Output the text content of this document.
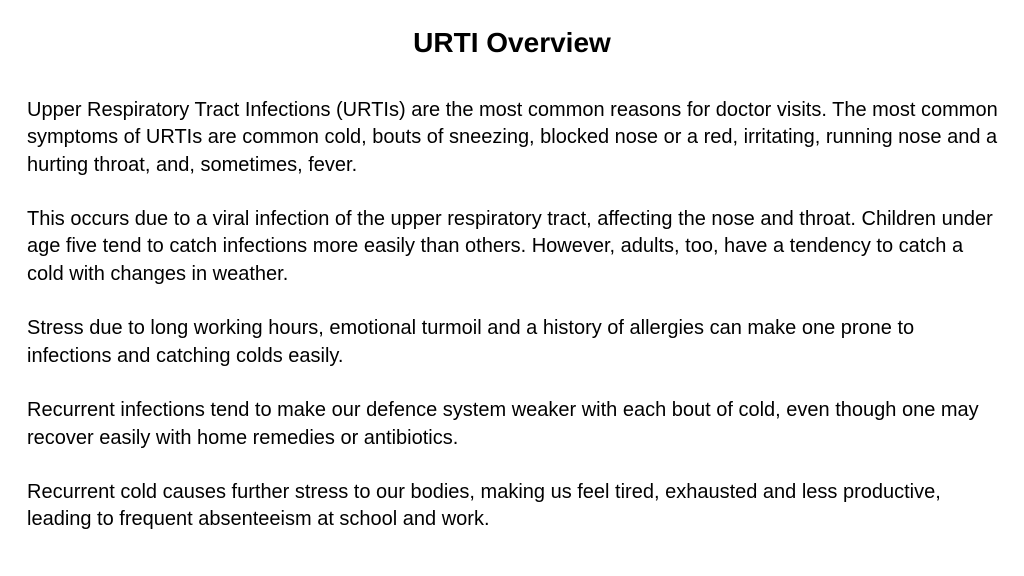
URTI Overview

Upper Respiratory Tract Infections (URTIs) are the most common reasons for doctor visits. The most common symptoms of URTIs are common cold, bouts of sneezing, blocked nose or a red, irritating, running nose and a hurting throat, and, sometimes, fever.

This occurs due to a viral infection of the upper respiratory tract, affecting the nose and throat. Children under age five tend to catch infections more easily than others. However, adults, too, have a tendency to catch a cold with changes in weather.

Stress due to long working hours, emotional turmoil and a history of allergies can make one prone to infections and catching colds easily.

Recurrent infections tend to make our defence system weaker with each bout of cold, even though one may recover easily with home remedies or antibiotics.

Recurrent cold causes further stress to our bodies, making us feel tired, exhausted and less productive, leading to frequent absenteeism at school and work.
